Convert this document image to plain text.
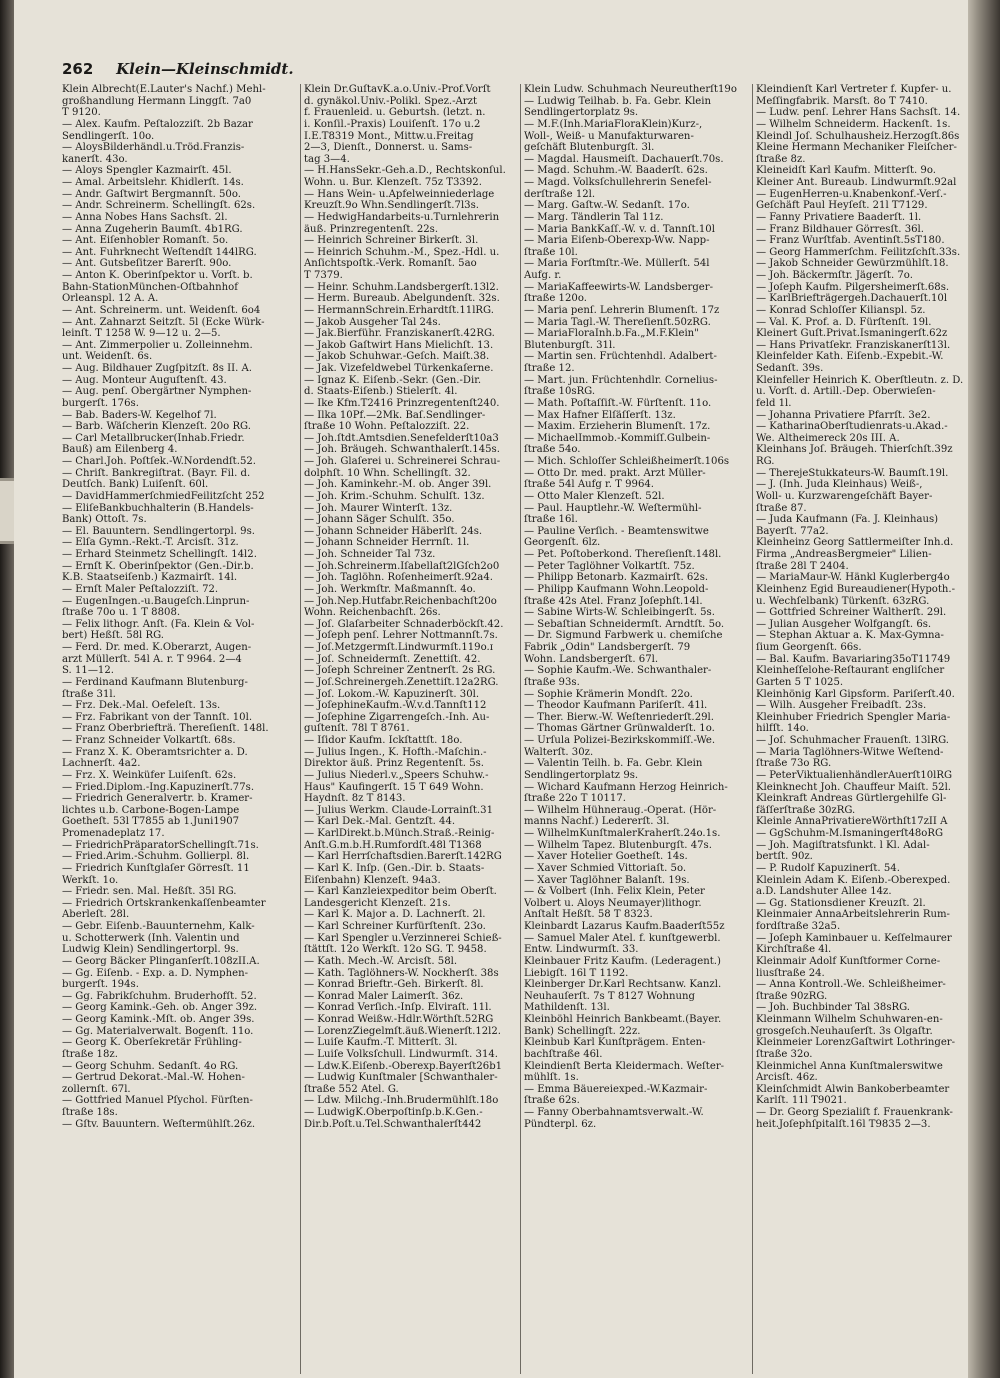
262 Klein—Kleinschmidt.
Klein Albrecht(E.Lauter's Nachf.) Mehl-
großhandlung Hermann Linggſt. 7a0
T 9120.
— Alex. Kaufm. Peſtalozziſt. 2b Bazar
Sendlingerſt. 10o.
— AloysBilderhändl.u.Tröd.Franzis-
kanerſt. 43o.
— Aloys Spengler Kazmairſt. 45l.
— Amal. Arbeitslehr. Khidlerſt. 14s.
— Andr. Gaſtwirt Bergmannſt. 50o.
— Andr. Schreinerm. Schellingſt. 62s.
— Anna Nobes Hans Sachsſt. 2l.
— Anna Zugeherin Baumſt. 4b1RG.
— Ant. Eiſenhobler Romanſt. 5o.
— Ant. Fuhrknecht Weſtendſt 144lRG.
— Ant. Gutsbeſitzer Barerſt. 90o.
— Anton K. Oberinſpektor u. Vorſt. b.
Bahn-StationMünchen-Oſtbahnhof
Orleanspl. 12 A. A.
— Ant. Schreinerm. unt. Weidenſt. 6o4
— Ant. Zahnarzt Seitzſt. 5l (Ecke Würk-
leinſt. T 1258 W. 9—12 u. 2—5.
— Ant. Zimmerpolier u. Zolleinnehm.
unt. Weidenſt. 6s.
— Aug. Bildhauer Zugſpitzſt. 8s II. A.
— Aug. Monteur Auguſtenſt. 43.
— Aug. penſ. Obergärtner Nymphen-
burgerſt. 176s.
— Bab. Baders-W. Kegelhof 7l.
— Barb. Wäſcherin Klenzeſt. 20o RG.
— Carl Metallbrucker(Inhab.Friedr.
Bauß) am Eilenberg 4.
— Charl.Joh. Poſtſek.-W.Nordendſt.52.
— Chriſt. Bankregiſtrat. (Bayr. Fil. d.
Deutſch. Bank) Luiſenſt. 60l.
— DavidHammerſchmiedFeilitzſcht 252
— EliſeBankbuchhalterin (B.Handels-
Bank) Ottoſt. 7s.
— El. Bauuntern. Sendlingertorpl. 9s.
— Elſa Gymn.-Rekt.-T. Arcisſt. 31z.
— Erhard Steinmetz Schellingſt. 14l2.
— Ernſt K. Oberinſpektor (Gen.-Dir.b.
K.B. Staatseiſenb.) Kazmairſt. 14l.
— Ernſt Maler Peſtalozziſt. 72.
— EugenIngen.-u.Baugeſch.Linprun-
ſtraße 70o u. 1 T 8808.
— Felix lithogr. Anſt. (Fa. Klein & Vol-
bert) Heßſt. 58l RG.
— Ferd. Dr. med. K.Oberarzt, Augen-
arzt Müllerſt. 54l A. r. T 9964. 2—4
S. 11—12.
— Ferdinand Kaufmann Blutenburg-
ſtraße 31l.
— Frz. Dek.-Mal. Oefeleſt. 13s.
— Frz. Fabrikant von der Tannſt. 10l.
— Franz Oberbriefträ. Thereſienſt. 148l.
— Franz Schneider Volkartſt. 68s.
— Franz X. K. Oberamtsrichter a. D.
Lachnerſt. 4a2.
— Frz. X. Weinküfer Luiſenſt. 62s.
— Fried.Diplom.-Ing.Kapuzinerſt.77s.
— Friedrich Generalvertr. b. Kramer-
lichtes u.b. Carbone-Bogen-Lampe
Goetheſt. 53l T7855 ab 1.Juni1907
Promenadeplatz 17.
— FriedrichPräparatorSchellingſt.71s.
— Fried.Arim.-Schuhm. Gollierpl. 8l.
— Friedrich Kunſtglaſer Görresſt. 11
Werkſt. 1o.
— Friedr. sen. Mal. Heßſt. 35l RG.
— Friedrich Ortskrankenkaſſenbeamter
Aberleſt. 28l.
— Gebr. Eiſenb.-Bauunternehm, Kalk-
u. Schotterwerk (Inh. Valentin und
Ludwig Klein) Sendlingertorpl. 9s.
— Georg Bäcker Plinganſerſt.108zII.A.
— Gg. Eiſenb. - Exp. a. D. Nymphen-
burgerſt. 194s.
— Gg. Fabrikſchuhm. Bruderhofſt. 52.
— Georg Kamink.-Geh. ob. Anger 39z.
— Georg Kamink.-Mſt. ob. Anger 39s.
— Gg. Materialverwalt. Bogenſt. 11o.
— Georg K. Oberſekretär Frühling-
ſtraße 18z.
— Georg Schuhm. Sedanſt. 4o RG.
— Gertrud Dekorat.-Mal.-W. Hohen-
zollernſt. 67l.
— Gottfried Manuel Pſychol. Fürſten-
ſtraße 18s.
— Gſtv. Bauuntern. Weſtermühlſt.26z.
Klein Dr.GuſtavK.a.o.Univ.-Prof.Vorſt
d. gynäkol.Univ.-Polikl. Spez.-Arzt
f. Frauenleid. u. Geburtsh. (letzt. n.
i. Konſil.-Praxis) Louiſenſt. 17o u.2
I.E.T8319 Mont., Mittw.u.Freitag
2—3, Dienſt., Donnerst. u. Sams-
tag 3—4.
— H.HansSekr.-Geh.a.D., Rechtskonſul.
Wohn. u. Bur. Klenzeſt. 75z T3392.
— Hans Wein- u.Apfelweinniederlage
Kreuzſt.9o Whn.Sendlingerſt.7l3s.
— HedwigHandarbeits-u.Turnlehrerin
äuß. Prinzregentenſt. 22s.
— Heinrich Schreiner Birkerſt. 3l.
— Heinrich Schuhm.-M., Spez.-Hdl. u.
Anſichtspoſtk.-Verk. Romanſt. 5ao
T 7379.
— Heinr. Schuhm.Landsbergerſt.13l2.
— Herm. Bureaub. Abelgundenſt. 32s.
— HermannSchrein.Erhardtſt.11lRG.
— Jakob Ausgeher Tal 24s.
— Jak.Bierführ. Franziskanerſt.42RG.
— Jakob Gaſtwirt Hans Mielichſt. 13.
— Jakob Schuhwar.-Geſch. Maiſt.38.
— Jak. Vizefeldwebel Türkenkaſerne.
— Ignaz K. Eiſenb.-Sekr. (Gen.-Dir.
d. Staats-Eiſenb.) Stielerſt. 4l.
— Ike Kfm.T2416 Prinzregentenſt240.
— Ilka 10Pf.—2Mk. Baſ.Sendlinger-
ſtraße 10 Wohn. Peſtalozziſt. 22.
— Joh.ſtdt.Amtsdien.Senefelderſt10a3
— Joh. Bräugeh. Schwanthalerſt.145s.
— Joh. Glaſerei u. Schreinerei Schrau-
dolphſt. 10 Whn. Schellingſt. 32.
— Joh. Kaminkehr.-M. ob. Anger 39l.
— Joh. Krim.-Schuhm. Schulſt. 13z.
— Joh. Maurer Winterſt. 13z.
— Johann Säger Schulſt. 35o.
— Johann Schneider Häberlſt. 24s.
— Johann Schneider Herrnſt. 1l.
— Joh. Schneider Tal 73z.
— Joh.Schreinerm.Iſabellaſt2lGſch2o0
— Joh. Taglöhn. Roſenheimerſt.92a4.
— Joh. Werkmſtr. Maßmannſt. 4o.
— Joh.Nep.Hutfabr.Reichenbachſt20o
Wohn. Reichenbachſt. 26s.
— Joſ. Glaſarbeiter Schnaderböckſt.42.
— Joſeph penſ. Lehrer Nottmannſt.7s.
— Joſ.Metzgermſt.Lindwurmſt.119o.ɪ
— Joſ. Schneidermſt. Zenettiſt. 42.
— Joſeph Schreiner Zentnerſt. 2s RG.
— Joſ.Schreinergeh.Zenettiſt.12a2RG.
— Joſ. Lokom.-W. Kapuzinerſt. 30l.
— JoſephineKaufm.-W.v.d.Tannſt112
— Joſephine Zigarrengeſch.-Inh. Au-
guſtenſt. 78l T 8761.
— Iſidor Kaufm. Ickſtattſt. 18o.
— Julius Ingen., K. Hofth.-Maſchin.-
Direktor äuß. Prinz Regentenſt. 5s.
— Julius Niederl.v.„Speers Schuhw.-
Haus" Kaufingerſt. 15 T 649 Wohn.
Haydnſt. 8z T 8143.
— Julius Werkm. Claude-Lorrainſt.31
— Karl Dek.-Mal. Gentzſt. 44.
— KarlDirekt.b.Münch.Straß.-Reinig-
Anſt.G.m.b.H.Rumfordſt.48l T1368
— Karl Herrſchaftsdien.Barerſt.142RG
— Karl K. Inſp. (Gen.-Dir. b. Staats-
Eiſenbahn) Klenzeſt. 94a3.
— Karl Kanzleiexpeditor beim Oberſt.
Landesgericht Klenzeſt. 21s.
— Karl K. Major a. D. Lachnerſt. 2l.
— Karl Schreiner Kurfürſtenſt. 23o.
— Karl Spengler u.Verzinnerei Schieß-
ſtättſt. 12o Werkſt. 12o SG. T. 9458.
— Kath. Mech.-W. Arcisſt. 58l.
— Kath. Taglöhners-W. Nockherſt. 38s
— Konrad Brieftr.-Geh. Birkerſt. 8l.
— Konrad Maler Laimerſt. 36z.
— Konrad Verſich.-Inſp. Elviraſt. 11l.
— Konrad Weißw.-Hdlr.Wörthſt.52RG
— LorenzZiegelmſt.äuß.Wienerſt.12l2.
— Luiſe Kaufm.-T. Mitterſt. 3l.
— Luiſe Volksſchull. Lindwurmſt. 314.
— Ldw.K.Eiſenb.-Oberexp.Bayerſt26b1
— Ludwig Kunſtmaler [Schwanthaler-
ſtraße 552 Atel. G.
— Ldw. Milchg.-Inh.Brudermühlſt.18o
— LudwigK.Oberpoſtinſp.b.K.Gen.-
Dir.b.Poſt.u.Tel.Schwanthalerſt442
Klein Ludw. Schuhmach Neureutherſt19o
— Ludwig Teilhab. b. Fa. Gebr. Klein
Sendlingertorplatz 9s.
— M.F.(Inh.MariaFloraKlein)Kurz-,
Woll-, Weiß- u Manufakturwaren-
geſchäft Blutenburgſt. 3l.
— Magdal. Hausmeiſt. Dachauerſt.70s.
— Magd. Schuhm.-W. Baaderſt. 62s.
— Magd. Volksſchullehrerin Senefel-
derſtraße 12l.
— Marg. Gaſtw.-W. Sedanſt. 17o.
— Marg. Tändlerin Tal 11z.
— Maria BankKaſſ.-W. v. d. Tannſt.10l
— Maria Eiſenb-Oberexp-Ww. Napp-
ſtraße 10l.
— Maria Forſtmſtr.-We. Müllerſt. 54l
Aufg. r.
— MariaKaffeewirts-W. Landsberger-
ſtraße 120o.
— Maria penſ. Lehrerin Blumenſt. 17z
— Maria Tagl.-W. Thereſienſt.50zRG.
— MariaFloraInh.b.Fa.„M.F.Klein"
Blutenburgſt. 31l.
— Martin sen. Früchtenhdl. Adalbert-
ſtraße 12.
— Mart. jun. Früchtenhdlr. Cornelius-
ſtraße 10sRG.
— Math. Poſtaſſiſt.-W. Fürſtenſt. 11o.
— Max Hafner Elſäſſerſt. 13z.
— Maxim. Erzieherin Blumenſt. 17z.
— MichaelImmob.-Kommiſſ.Gulbein-
ſtraße 54o.
— Mich. Schloſſer Schleißheimerſt.106s
— Otto Dr. med. prakt. Arzt Müller-
ſtraße 54l Aufg r. T 9964.
— Otto Maler Klenzeſt. 52l.
— Paul. Hauptlehr.-W. Weſtermühl-
ſtraße 16l.
— Pauline Verſich. - Beamtenswitwe
Georgenſt. 6lz.
— Pet. Poſtoberkond. Thereſienſt.148l.
— Peter Taglöhner Volkartſt. 75z.
— Philipp Betonarb. Kazmairſt. 62s.
— Philipp Kaufmann Wohn.Leopold-
ſtraße 42s Atel. Franz Joſephſt.14l.
— Sabine Wirts-W. Schleibingerſt. 5s.
— Sebaſtian Schneidermſt. Arndtſt. 5o.
— Dr. Sigmund Farbwerk u. chemiſche
Fabrik „Odin" Landsbergerſt. 79
Wohn. Landsbergerſt. 67l.
— Sophie Kaufm.-We. Schwanthaler-
ſtraße 93s.
— Sophie Krämerin Mondſt. 22o.
— Theodor Kaufmann Pariſerſt. 41l.
— Ther. Bierw.-W. Weſtenriederſt.29l.
— Thomas Gärtner Grünwalderſt. 1o.
— Urſula Polizei-Bezirkskommiſſ.-We.
Walterſt. 30z.
— Valentin Teilh. b. Fa. Gebr. Klein
Sendlingertorplatz 9s.
— Wichard Kaufmann Herzog Heinrich-
ſtraße 22o T 10117.
— Wilhelm Hühneraug.-Operat. (Hör-
manns Nachf.) Ledererſt. 3l.
— WilhelmKunſtmalerKraherſt.24o.1s.
— Wilhelm Tapez. Blutenburgſt. 47s.
— Xaver Hotelier Goetheſt. 14s.
— Xaver Schmied Vittoriaſt. 5o.
— Xaver Taglöhner Balanſt. 19s.
— & Volbert (Inh. Felix Klein, Peter
Volbert u. Aloys Neumayer)lithogr.
Anſtalt Heßſt. 58 T 8323.
Kleinbardt Lazarus Kaufm.Baaderſt55z
— Samuel Maler Atel. f. kunſtgewerbl.
Entw. Lindwurmſt. 33.
Kleinbauer Fritz Kaufm. (Lederagent.)
Liebigſt. 16l T 1192.
Kleinberger Dr.Karl Rechtsanw. Kanzl.
Neuhauſerſt. 7s T 8127 Wohnung
Mathildenſt. 13l.
Kleinböhl Heinrich Bankbeamt.(Bayer.
Bank) Schellingſt. 22z.
Kleinbub Karl Kunſtprägem. Enten-
bachſtraße 46l.
Kleindienſt Berta Kleidermach. Weſter-
mühlſt. 1s.
— Emma Bäuereiexped.-W.Kazmair-
ſtraße 62s.
— Fanny Oberbahnamtsverwalt.-W.
Pündterpl. 6z.
Kleindienſt Karl Vertreter f. Kupfer- u.
Meſſingfabrik. Marsſt. 8o T 7410.
— Ludw. penſ. Lehrer Hans Sachsſt. 14.
— Wilhelm Schneiderm. Hackenſt. 1s.
Kleindl Joſ. Schulhausheiz.Herzogſt.86s
Kleine Hermann Mechaniker Fleiſcher-
ſtraße 8z.
Kleineidſt Karl Kaufm. Mitterſt. 9o.
Kleiner Ant. Bureaub. Lindwurmſt.92al
— EugenHerren-u.Knabenkonf.-Verſ.-
Geſchäft Paul Heyſeſt. 21l T7129.
— Fanny Privatiere Baaderſt. 1l.
— Franz Bildhauer Görresſt. 36l.
— Franz Wurſtfab. Aventinſt.5sT180.
— Georg Hammerſchm. Feilitzſchſt.33s.
— Jakob Schneider Gewürzmühlſt.18.
— Joh. Bäckermſtr. Jägerſt. 7o.
— Joſeph Kaufm. Pilgersheimerſt.68s.
— KarlBriefträgergeh.Dachauerſt.10l
— Konrad Schloſſer Kilianspl. 5z.
— Val. K. Prof. a. D. Fürſtenſt. 19l.
Kleinert Guſt.Privat.Ismaningerſt.62z
— Hans Privatſekr. Franziskanerſt13l.
Kleinfelder Kath. Eiſenb.-Expebit.-W.
Sedanſt. 39s.
Kleinfeller Heinrich K. Oberſtleutn. z. D.
u. Vorſt. d. Artill.-Dep. Oberwieſen-
feld 1l.
— Johanna Privatiere Pfarrſt. 3e2.
— KatharinaOberſtudienrats-u.Akad.-
We. Altheimereck 20s III. A.
Kleinhans Joſ. Bräugeh. Thierſchſt.39z
RG.
— TherejeStukkateurs-W. Baumſt.19l.
— J. (Inh. Juda Kleinhaus) Weiß-,
Woll- u. Kurzwarengeſchäft Bayer-
ſtraße 87.
— Juda Kaufmann (Fa. J. Kleinhaus)
Bayerſt. 77a2.
Kleinheinz Georg Sattlermeiſter Inh.d.
Firma „AndreasBergmeier" Lilien-
ſtraße 28l T 2404.
— MariaMaur-W. Hänkl Kuglerberg4o
Kleinhenz Egid Bureaudiener(Hypoth.-
u. Wechſelbank) Türkenſt. 63zRG.
— Gottfried Schreiner Waltherſt. 29l.
— Julian Ausgeher Wolfgangſt. 6s.
— Stephan Aktuar a. K. Max-Gymna-
ſium Georgenſt. 66s.
— Bal. Kaufm. Bavariaring35oT11749
Kleinheſſelohe-Reſtaurant engliſcher
Garten 5 T 1025.
Kleinhönig Karl Gipsform. Pariſerſt.40.
— Wilh. Ausgeher Freibadſt. 23s.
Kleinhuber Friedrich Spengler Maria-
hilfſt. 14o.
— Joſ. Schuhmacher Frauenſt. 13lRG.
— Maria Taglöhners-Witwe Weſtend-
ſtraße 73o RG.
— PeterViktualienhändlerAuerſt10lRG
Kleinknecht Joh. Chauffeur Maiſt. 52l.
Kleinkraft Andreas Gürtlergehilfe Gl-
fäſſerſtraße 30zRG.
Kleinle AnnaPrivatiereWörthſt17zII A
— GgSchuhm-M.Ismaningerſt48oRG
— Joh. Magiſtratsfunkt. l Kl. Adal-
bertſt. 90z.
— P. Rudolf Kapuzinerſt. 54.
Kleinlein Adam K. Eiſenb.-Oberexped.
a.D. Landshuter Allee 14z.
— Gg. Stationsdiener Kreuzſt. 2l.
Kleinmaier AnnaArbeitslehrerin Rum-
fordſtraße 32a5.
— Joſeph Kaminbauer u. Keſſelmaurer
Kirchſtraße 4l.
Kleinmair Adolf Kunſtformer Corne-
liusſtraße 24.
— Anna Kontroll.-We. Schleißheimer-
ſtraße 90zRG.
— Joh. Buchbinder Tal 38sRG.
Kleinmann Wilhelm Schuhwaren-en-
grosgeſch.Neuhauſerſt. 3s Olgaſtr.
Kleinmeier LorenzGaſtwirt Lothringer-
ſtraße 32o.
Kleinmichel Anna Kunſtmalerswitwe
Arcisſt. 46z.
Kleinſchmidt Alwin Bankoberbeamter
Karlſt. 11l T9021.
— Dr. Georg Spezialiſt f. Frauenkrank-
heit.Joſephſpitalſt.16l T9835 2—3.
